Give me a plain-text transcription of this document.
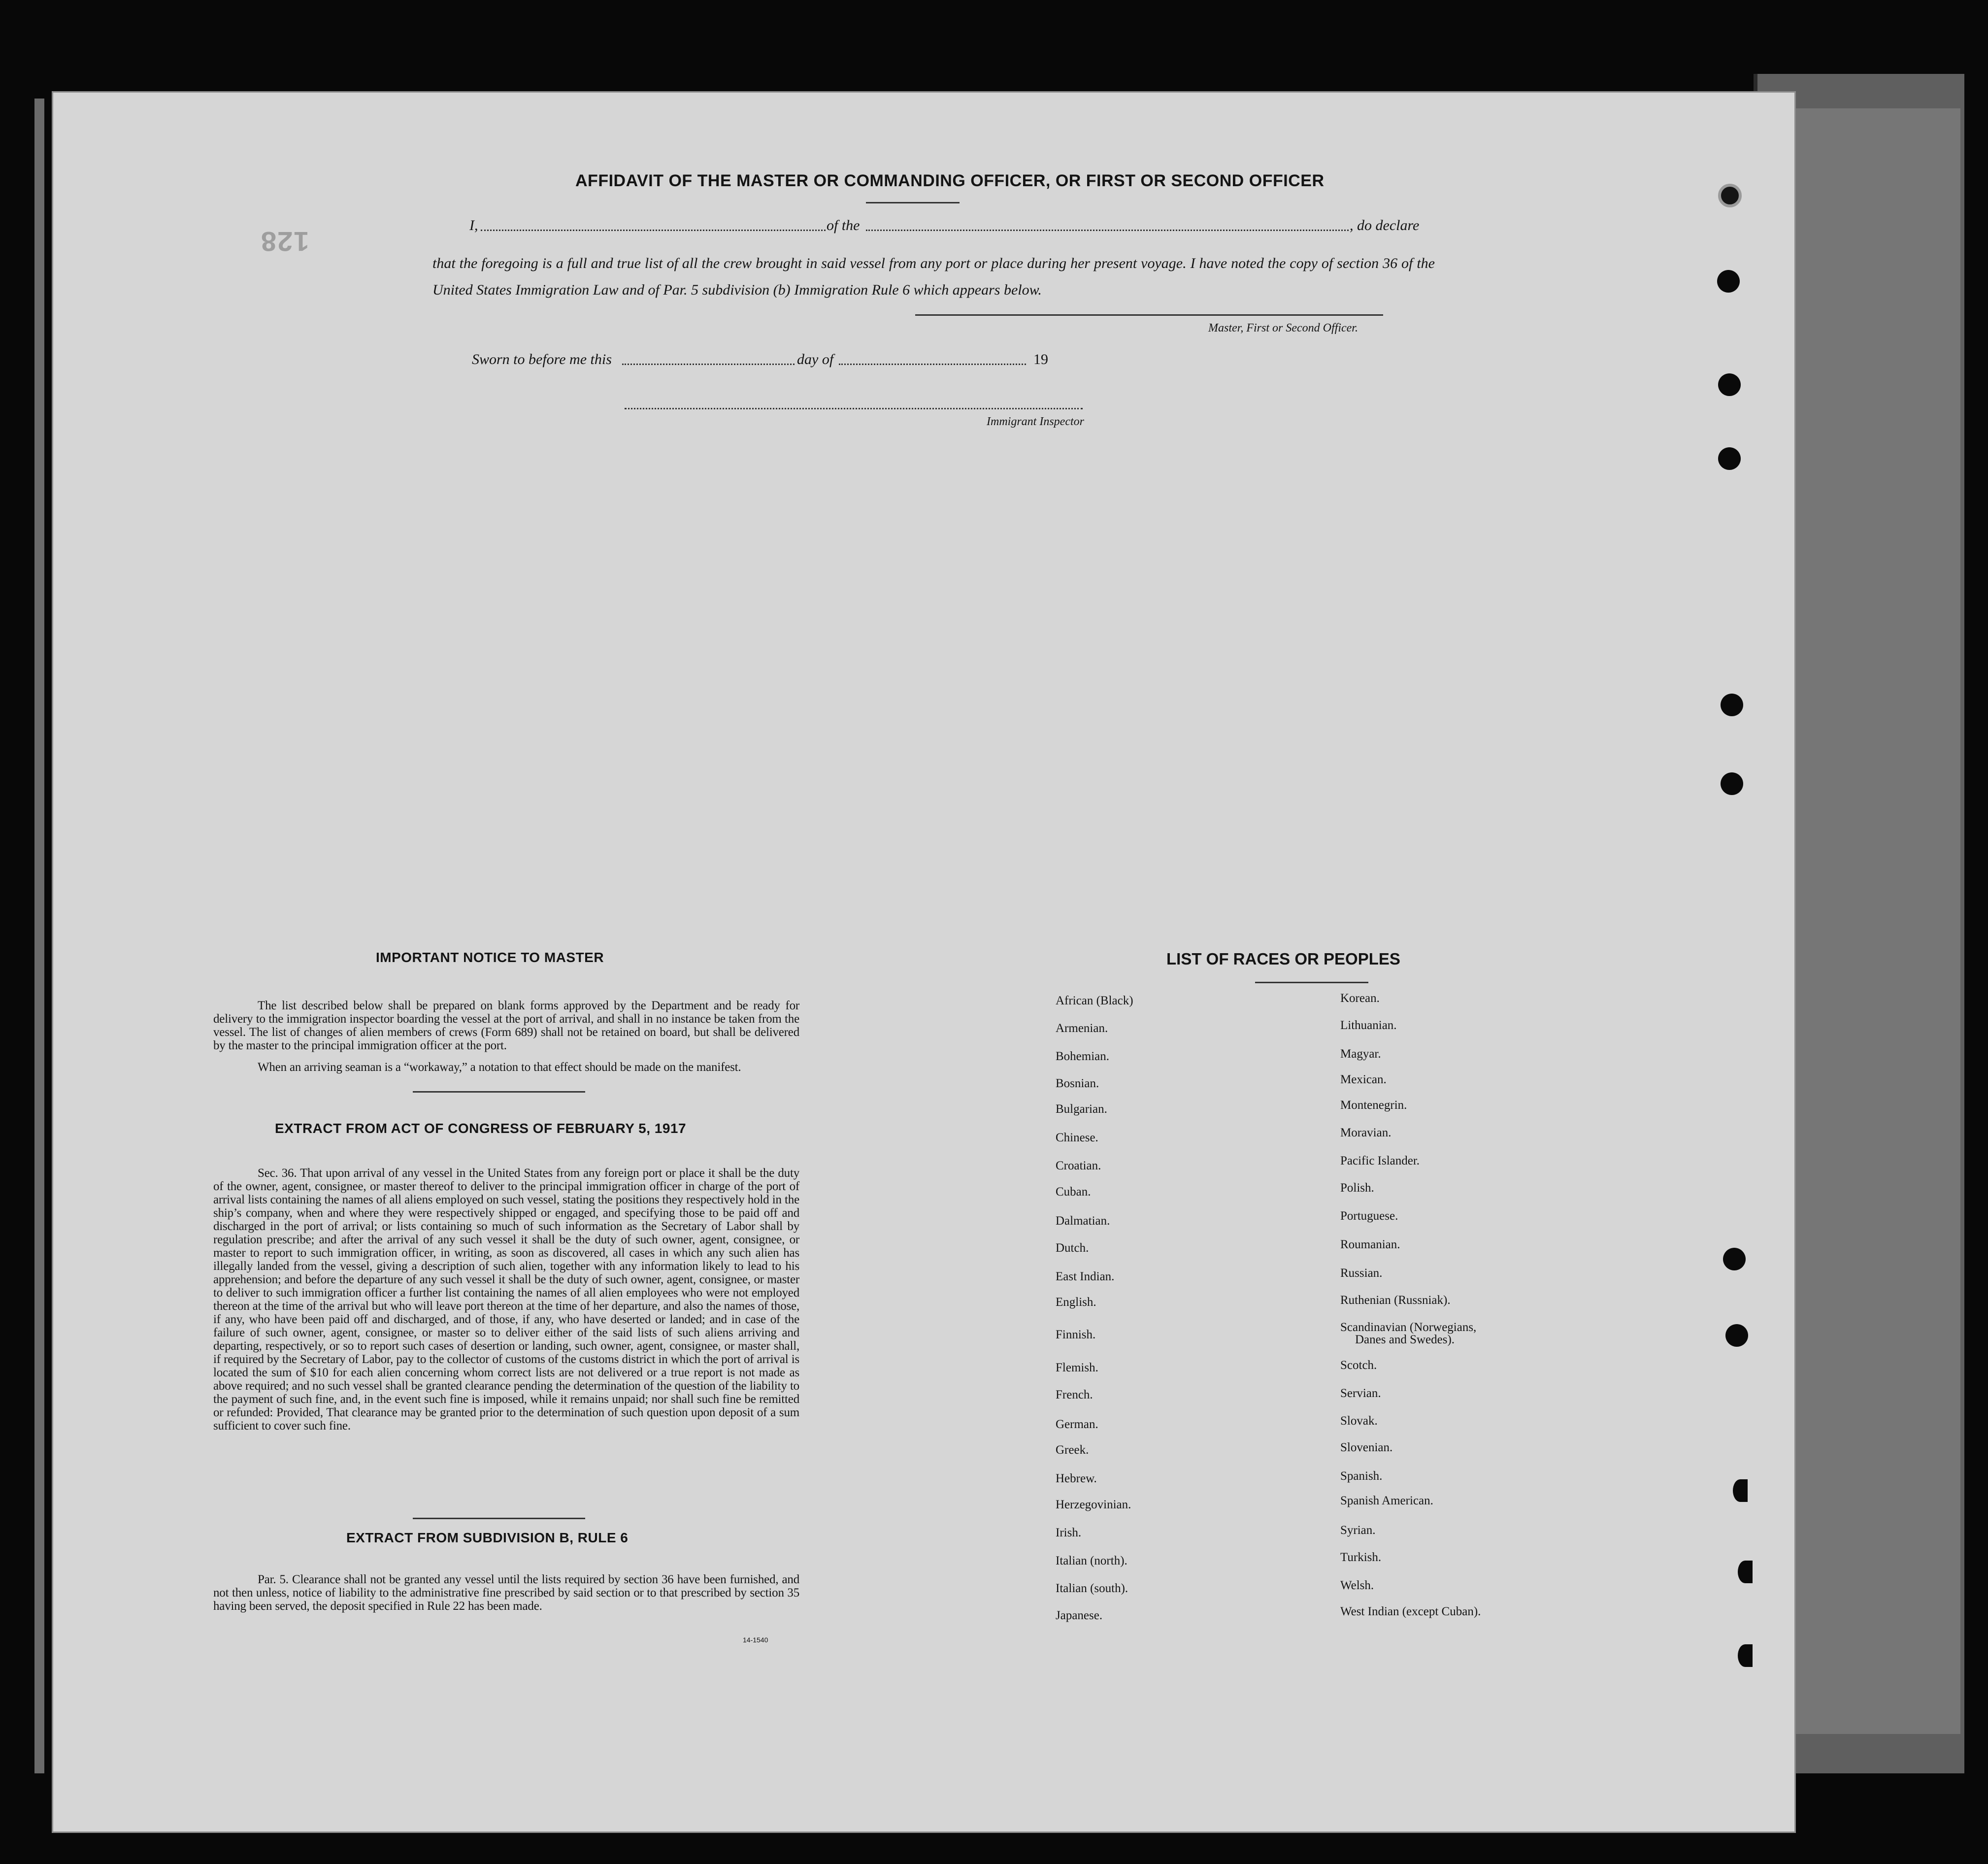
128
AFFIDAVIT OF THE MASTER OR COMMANDING OFFICER, OR FIRST OR SECOND OFFICER
I,	of the	, do declare
that the foregoing is a full and true list of all the crew brought in said vessel from any port or place during her present voyage. I have noted the copy of section 36 of the United States Immigration Law and of Par. 5 subdivision (b) Immigration Rule 6 which appears below.
Master, First or Second Officer.
Sworn to before me this	day of	19
Immigrant Inspector
IMPORTANT NOTICE TO MASTER
The list described below shall be prepared on blank forms approved by the Department and be ready for delivery to the immigration inspector boarding the vessel at the port of arrival, and shall in no instance be taken from the vessel. The list of changes of alien members of crews (Form 689) shall not be retained on board, but shall be delivered by the master to the principal immigration officer at the port.
When an arriving seaman is a “workaway,” a notation to that effect should be made on the manifest.
EXTRACT FROM ACT OF CONGRESS OF FEBRUARY 5, 1917
Sec. 36. That upon arrival of any vessel in the United States from any foreign port or place it shall be the duty of the owner, agent, consignee, or master thereof to deliver to the principal immigration officer in charge of the port of arrival lists containing the names of all aliens employed on such vessel, stating the positions they respectively hold in the ship’s company, when and where they were respectively shipped or engaged, and specifying those to be paid off and discharged in the port of arrival; or lists containing so much of such information as the Secretary of Labor shall by regulation prescribe; and after the arrival of any such vessel it shall be the duty of such owner, agent, consignee, or master to report to such immigration officer, in writing, as soon as discovered, all cases in which any such alien has illegally landed from the vessel, giving a description of such alien, together with any information likely to lead to his apprehension; and before the departure of any such vessel it shall be the duty of such owner, agent, consignee, or master to deliver to such immigration officer a further list containing the names of all alien employees who were not employed thereon at the time of the arrival but who will leave port thereon at the time of her departure, and also the names of those, if any, who have been paid off and discharged, and of those, if any, who have deserted or landed; and in case of the failure of such owner, agent, consignee, or master so to deliver either of the said lists of such aliens arriving and departing, respectively, or so to report such cases of desertion or landing, such owner, agent, consignee, or master shall, if required by the Secretary of Labor, pay to the collector of customs of the customs district in which the port of arrival is located the sum of $10 for each alien concerning whom correct lists are not delivered or a true report is not made as above required; and no such vessel shall be granted clearance pending the determination of the question of the liability to the payment of such fine, and, in the event such fine is imposed, while it remains unpaid; nor shall such fine be remitted or refunded: Provided, That clearance may be granted prior to the determination of such question upon deposit of a sum sufficient to cover such fine.
EXTRACT FROM SUBDIVISION B, RULE 6
Par. 5. Clearance shall not be granted any vessel until the lists required by section 36 have been furnished, and not then unless, notice of liability to the administrative fine prescribed by said section or to that prescribed by section 35 having been served, the deposit specified in Rule 22 has been made.
14-1540
LIST OF RACES OR PEOPLES
African (Black)
Armenian.
Bohemian.
Bosnian.
Bulgarian.
Chinese.
Croatian.
Cuban.
Dalmatian.
Dutch.
East Indian.
English.
Finnish.
Flemish.
French.
German.
Greek.
Hebrew.
Herzegovinian.
Irish.
Italian (north).
Italian (south).
Japanese.
Korean.
Lithuanian.
Magyar.
Mexican.
Montenegrin.
Moravian.
Pacific Islander.
Polish.
Portuguese.
Roumanian.
Russian.
Ruthenian (Russniak).
Scandinavian (Norwegians,
Danes and Swedes).
Scotch.
Servian.
Slovak.
Slovenian.
Spanish.
Spanish American.
Syrian.
Turkish.
Welsh.
West Indian (except Cuban).
